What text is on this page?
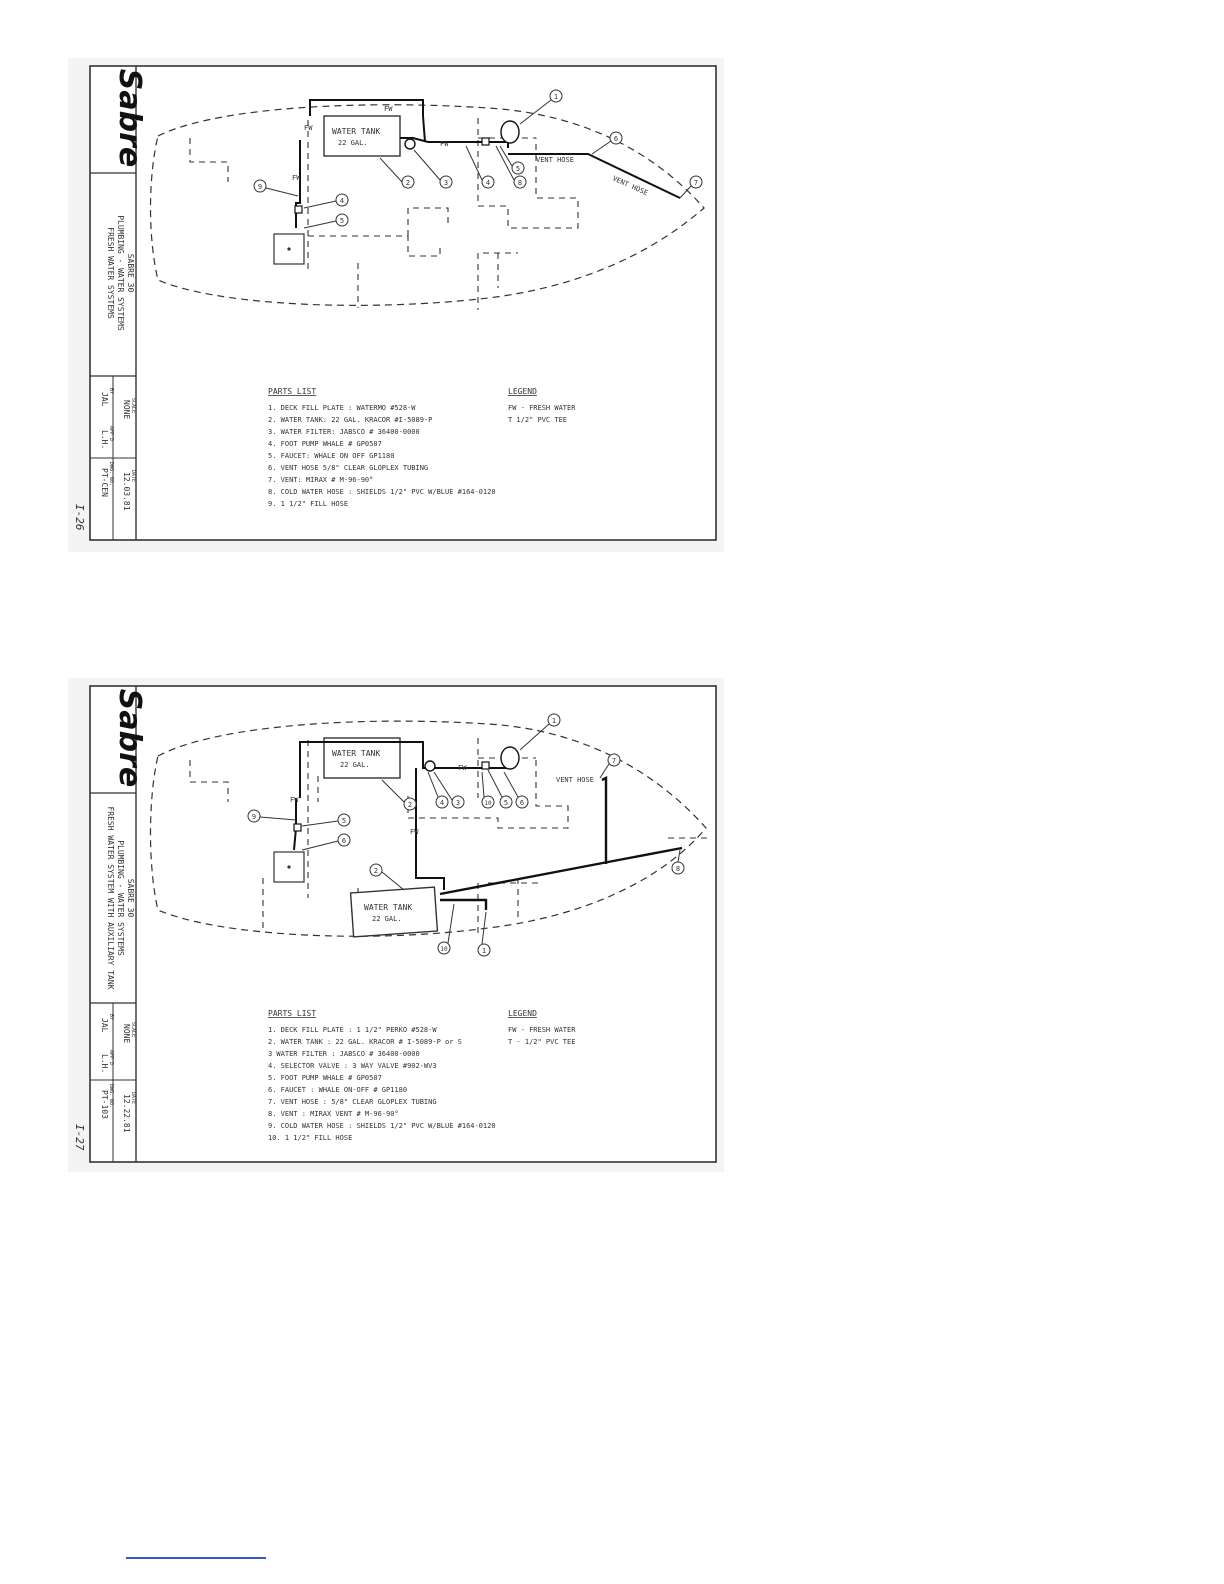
Sabre
SABRE 30
PLUMBING - WATER SYSTEMS
FRESH WATER SYSTEMS
SCALE
NONE
DATE
12.03.81
BY
JAL
APP'D
L.H.
DWG. NO.
PT-CEN
I-26
WATER TANK
22 GAL.
FW
FW
FW
FW
VENT HOSE
VENT HOSE
1
2	3	4
5
8
6
7
9
4
5
PARTS LIST
1. DECK FILL PLATE : WATERMO #528-W
2. WATER TANK: 22 GAL. KRACOR #I-5089-P
3. WATER FILTER: JABSCO # 36400-0000
4. FOOT PUMP WHALE # GP0507
5. FAUCET: WHALE ON OFF GP1180
6. VENT HOSE 5/8" CLEAR GLOPLEX TUBING
7. VENT: MIRAX # M-96-90°
8. COLD WATER HOSE : SHIELDS 1/2" PVC W/BLUE #164-0120
9. 1 1/2" FILL HOSE
LEGEND
FW - FRESH WATER
T 1/2" PVC TEE
Sabre
SABRE 30
PLUMBING - WATER SYSTEMS
FRESH WATER SYSTEM WITH AUXILIARY TANK
SCALE
NONE
DATE
12.22.81
BY
JAL
APP'D
L.H.
DWG. NO.
PT-103
I-27
WATER TANK
22 GAL.
WATER TANK
22 GAL.
FW
FW
FW
VENT HOSE
1
2	3
4	10 5 6
7
8
9	5
6
2
10	1
PARTS LIST
1. DECK FILL PLATE : 1 1/2" PERKO #528-W
2. WATER TANK : 22 GAL. KRACOR # I-5089-P or S
3 WATER FILTER : JABSCO # 36400-0000
4. SELECTOR VALVE : 3 WAY VALVE #902-WV3
5. FOOT PUMP WHALE # GP0507
6. FAUCET : WHALE ON-OFF # GP1180
7. VENT HOSE : 5/8" CLEAR GLOPLEX TUBING
8. VENT : MIRAX VENT # M-96-90°
9. COLD WATER HOSE : SHIELDS 1/2" PVC W/BLUE #164-0120
10. 1 1/2" FILL HOSE
LEGEND
FW - FRESH WATER
T - 1/2" PVC TEE
